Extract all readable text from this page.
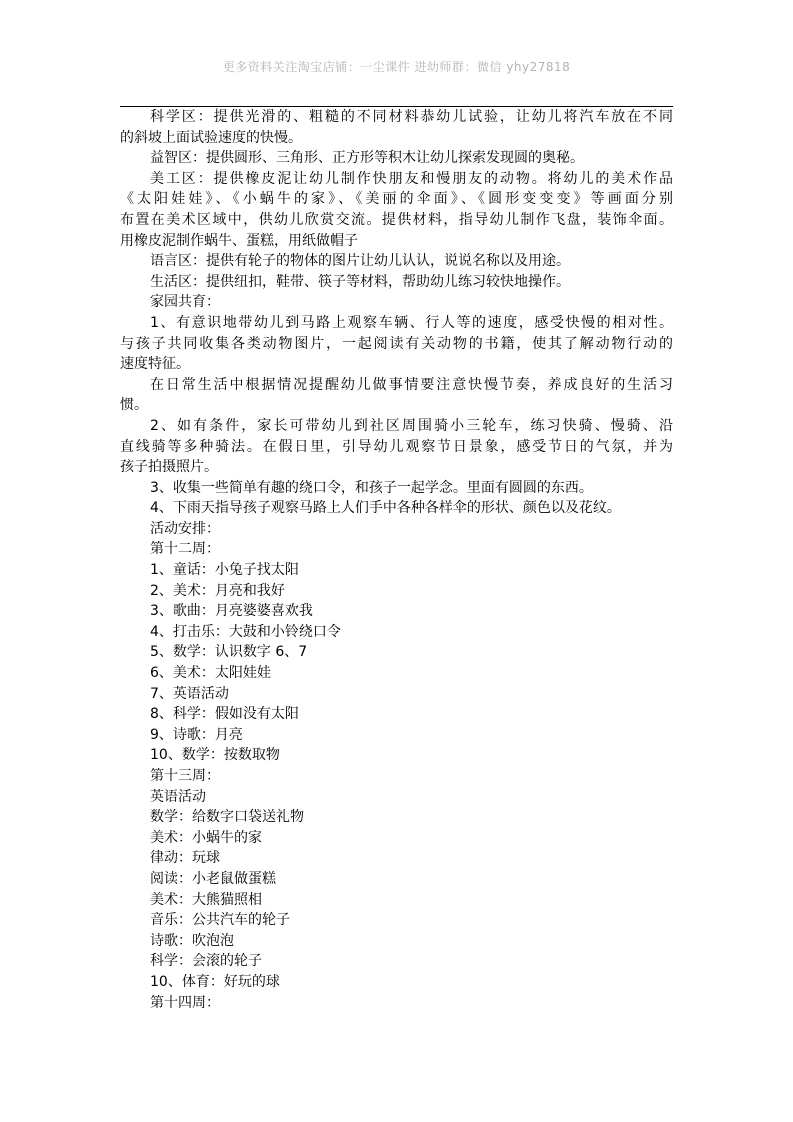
更多资料关注淘宝店铺：一尘课件 进幼师群：微信 yhy27818
科学区：提供光滑的、粗糙的不同材料恭幼儿试验，让幼儿将汽车放在不同
的斜坡上面试验速度的快慢。
益智区：提供圆形、三角形、正方形等积木让幼儿探索发现圆的奥秘。
美工区：提供橡皮泥让幼儿制作快朋友和慢朋友的动物。将幼儿的美术作品
《太阳娃娃》、《小蜗牛的家》、《美丽的伞面》、《圆形变变变》等画面分别
布置在美术区域中，供幼儿欣赏交流。提供材料，指导幼儿制作飞盘，装饰伞面。
用橡皮泥制作蜗牛、蛋糕，用纸做帽子
语言区：提供有轮子的物体的图片让幼儿认认，说说名称以及用途。
生活区：提供纽扣，鞋带、筷子等材料，帮助幼儿练习较快地操作。
家园共育：
1、有意识地带幼儿到马路上观察车辆、行人等的速度，感受快慢的相对性。
与孩子共同收集各类动物图片，一起阅读有关动物的书籍，使其了解动物行动的
速度特征。
在日常生活中根据情况提醒幼儿做事情要注意快慢节奏，养成良好的生活习
惯。
2、如有条件，家长可带幼儿到社区周围骑小三轮车，练习快骑、慢骑、沿
直线骑等多种骑法。在假日里，引导幼儿观察节日景象，感受节日的气氛，并为
孩子拍摄照片。
3、收集一些简单有趣的绕口令，和孩子一起学念。里面有圆圆的东西。
4、下雨天指导孩子观察马路上人们手中各种各样伞的形状、颜色以及花纹。
活动安排：
第十二周：
1、童话：小兔子找太阳
2、美术：月亮和我好
3、歌曲：月亮婆婆喜欢我
4、打击乐：大鼓和小铃绕口令
5、数学：认识数字 6、7
6、美术：太阳娃娃
7、英语活动
8、科学：假如没有太阳
9、诗歌：月亮
10、数学：按数取物
第十三周：
英语活动
数学：给数字口袋送礼物
美术：小蜗牛的家
律动：玩球
阅读：小老鼠做蛋糕
美术：大熊猫照相
音乐：公共汽车的轮子
诗歌：吹泡泡
科学：会滚的轮子
10、体育：好玩的球
第十四周：
